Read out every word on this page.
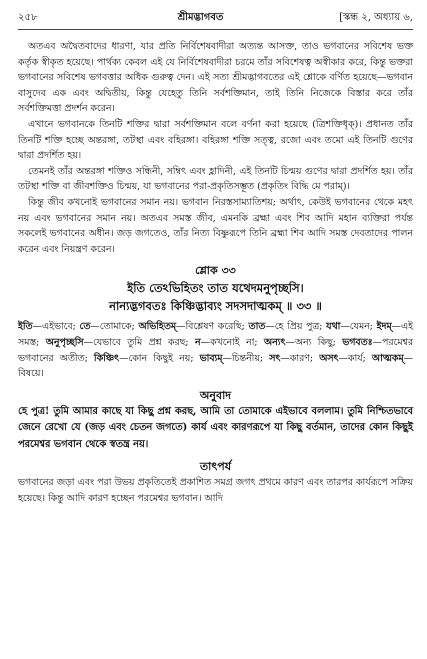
২৫৮	শ্রীমদ্ভাগবত	[স্কন্ধ ২, অধ্যায় ৬,

অতএব অদ্বৈতবাদের ধারণা, যার প্রতি নির্বিশেষবাদীরা অত্যন্ত আসক্ত, তাও ভগবানের সবিশেষ ভক্ত কর্তৃক স্বীকৃত হয়েছে। পার্থক্য কেবল এই যে নির্বিশেষবাদীরা চরমে তাঁর সবিশেষত্ব অস্বীকার করে, কিন্তু ভক্তরা ভগবানের সবিশেষ ভগবত্তার অধিক গুরুত্ব দেন। এই সত্য শ্রীমদ্ভাগবতের এই শ্লোকে বর্ণিত হয়েছে—ভগবান বাসুদেব এক এবং অদ্বিতীয়, কিন্তু যেহেতু তিনি সর্বশক্তিমান, তাই তিনি নিজেকে বিস্তার করে তাঁর সর্বশক্তিমত্তা প্রদর্শন করেন।

এখানে ভগবানকে তিনটি শক্তির দ্বারা সর্বশক্তিমান বলে বর্ণনা করা হয়েছে (ত্রিশক্তিধৃক্)। প্রধানত তাঁর তিনটি শক্তি হচ্ছে অন্তরঙ্গা, তটস্থা এবং বহিরঙ্গা। বহিরঙ্গা শক্তি সত্ত্ব, রজো এবং তমো এই তিনটি গুণের দ্বারা প্রদর্শিত হয়।

তেমনই তাঁর অন্তরঙ্গা শক্তিও সন্ধিনী, সম্বিৎ এবং হ্লাদিনী, এই তিনটি চিন্ময় গুণের দ্বারা প্রদর্শিত হয়। তাঁর তটস্থা শক্তি বা জীবশক্তিও চিন্ময়, যা ভগবানের পরা-প্রকৃতিসম্ভূত (প্রকৃতিং বিদ্ধি মে পরাম্)।

কিন্তু জীব কখনোই ভগবানের সমান নয়। ভগবান নিরস্তসাম্যাতিশয়; অর্থাৎ, কেউই ভগবানের থেকে মহৎ নয় এবং ভগবানের সমান নয়। অতএব সমস্ত জীব, এমনকি ব্রহ্মা এবং শিব আদি মহান ব্যক্তিরা পর্যন্ত সকলেই ভগবানের অধীন। জড় জগতেও, তাঁর নিত্য বিষ্ণুরূপে তিনি ব্রহ্মা শিব আদি সমস্ত দেবতাদের পালন করেন এবং নিয়ন্ত্রণ করেন।

শ্লোক ৩৩
ইতি তেঽভিহিতং তাত যথেদমনুপৃচ্ছসি।
নান্যদ্ভগবতঃ কিঞ্চিদ্ভাব্যং সদসদাত্মকম্ ॥ ৩৩ ॥
ইতি—এইভাবে; তে—তোমাকে; অভিহিতম্—বিশ্লেষণ করেছি; তাত—হে প্রিয় পুত্র; যথা—যেমন; ইদম্—এই সমস্ত; অনুপৃচ্ছসি—যেভাবে তুমি প্রশ্ন করছ; ন—কখনোই না; অন্যৎ—অন্য কিছু; ভগবতঃ—পরমেশ্বর ভগবানের অতীত; কিঞ্চিৎ—কোন কিছুই নয়; ভাব্যম্—চিন্তনীয়; সৎ—কারণ; অসৎ—কার্য; আত্মকম্—বিষয়ে।
অনুবাদ
হে পুত্র! তুমি আমার কাছে যা কিছু প্রশ্ন করছ, আমি তা তোমাকে এইভাবে বললাম। তুমি নিশ্চিতভাবে জেনে রেখো যে (জড় এবং চেতন জগতে) কার্য এবং কারণরূপে যা কিছু বর্তমান, তাদের কোন কিছুই পরমেশ্বর ভগবান থেকে স্বতন্ত্র নয়।
তাৎপর্য

ভগবানের জড়া এবং পরা উভয় প্রকৃতিতেই প্রকাশিত সমগ্র জগৎ প্রথমে কারণ এবং তারপর কার্যরূপে সক্রিয় হয়েছে। কিন্তু আদি কারণ হচ্ছেন পরমেশ্বর ভগবান। আদি
